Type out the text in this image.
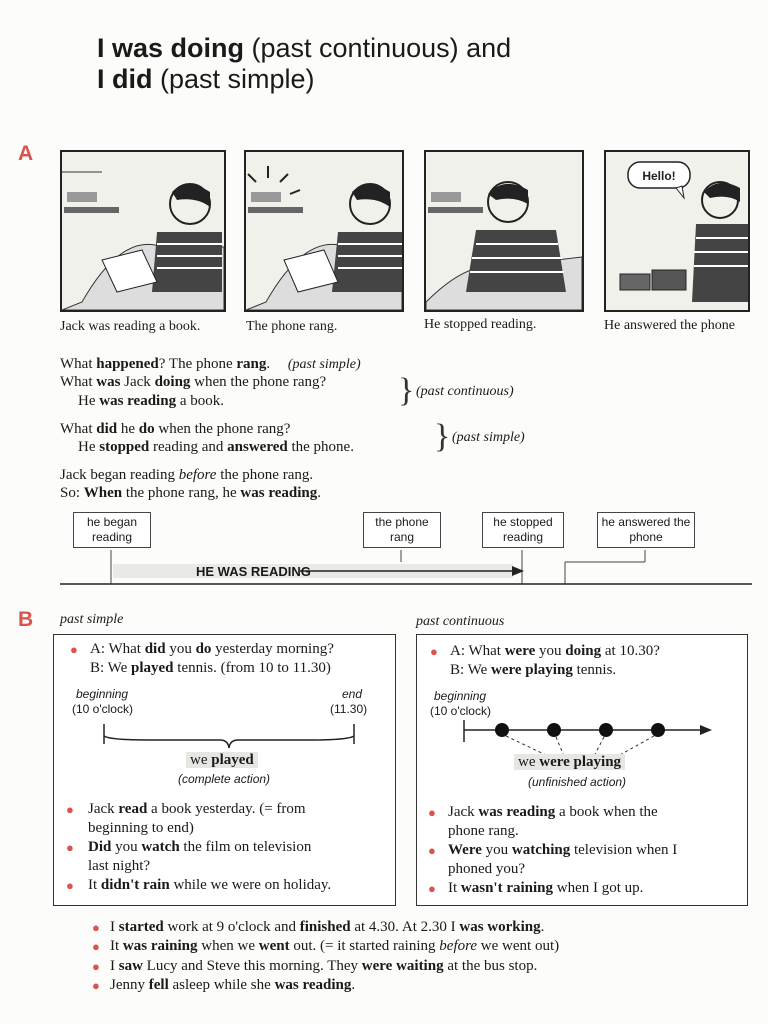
I was doing (past continuous) and
I did (past simple)
A
Hello!
Jack was reading a book.	The phone rang.	He stopped reading.	He answered the phone
What happened? The phone rang. (past simple)
What was Jack doing when the phone rang?
He was reading a book.	} (past continuous)
What did he do when the phone rang?
He stopped reading and answered the phone. } (past simple)
Jack began reading before the phone rang.
So: When the phone rang, he was reading.
he began reading
the phone rang
he stopped reading
he answered the phone
HE WAS READING
B past simple	past continuous
● A: What did you do yesterday morning?
B: We played tennis. (from 10 to 11.30)
beginning
(10 o'clock)
end
(11.30)
we played
(complete action)
● Jack read a book yesterday. (= from
beginning to end)
● Did you watch the film on television
last night?
● It didn't rain while we were on holiday.
● A: What were you doing at 10.30?
B: We were playing tennis.
beginning
(10 o'clock)
we were playing
(unfinished action)
● Jack was reading a book when the
phone rang.
● Were you watching television when I
phoned you?
● It wasn't raining when I got up.
● I started work at 9 o'clock and finished at 4.30. At 2.30 I was working.
● It was raining when we went out. (= it started raining before we went out)
● I saw Lucy and Steve this morning. They were waiting at the bus stop.
● Jenny fell asleep while she was reading.
